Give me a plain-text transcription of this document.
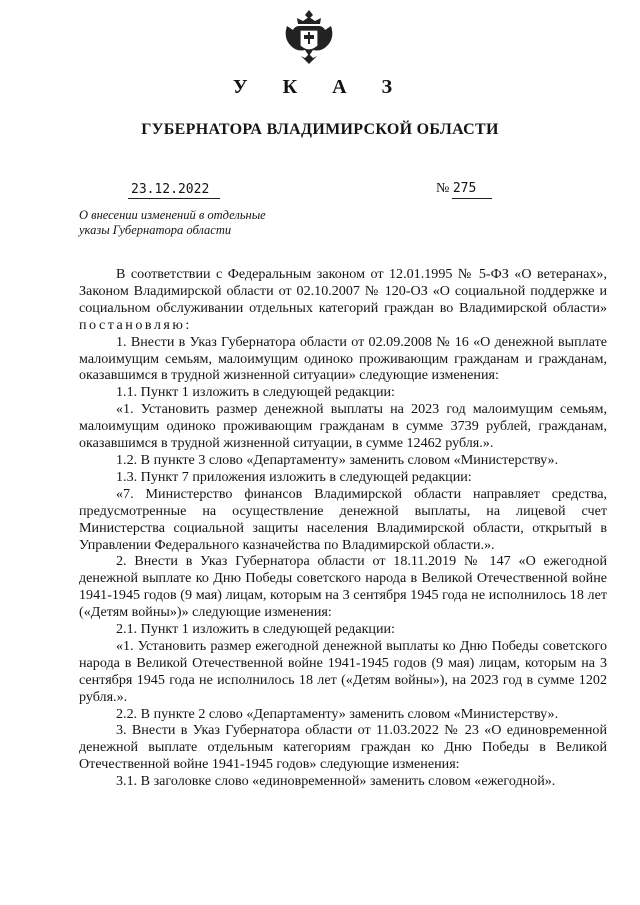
У К А З
ГУБЕРНАТОРА ВЛАДИМИРСКОЙ ОБЛАСТИ
23.12.2022	№ 275
О внесении изменений в отдельные
указы Губернатора области

В соответствии с Федеральным законом от 12.01.1995 № 5-ФЗ «О ветеранах», Законом Владимирской области от 02.10.2007 № 120-ОЗ «О социальной поддержке и социальном обслуживании отдельных категорий граждан во Владимирской области» постановляю:

1. Внести в Указ Губернатора области от 02.09.2008 № 16 «О денежной выплате малоимущим семьям, малоимущим одиноко проживающим гражданам и гражданам, оказавшимся в трудной жизненной ситуации» следующие изменения:

1.1. Пункт 1 изложить в следующей редакции:

«1. Установить размер денежной выплаты на 2023 год малоимущим семьям, малоимущим одиноко проживающим гражданам в сумме 3739 рублей, гражданам, оказавшимся в трудной жизненной ситуации, в сумме 12462 рубля.».

1.2. В пункте 3 слово «Департаменту» заменить словом «Министерству».

1.3. Пункт 7 приложения изложить в следующей редакции:

«7. Министерство финансов Владимирской области направляет средства, предусмотренные на осуществление денежной выплаты, на лицевой счет Министерства социальной защиты населения Владимирской области, открытый в Управлении Федерального казначейства по Владимирской области.».

2. Внести в Указ Губернатора области от 18.11.2019 № 147 «О ежегодной денежной выплате ко Дню Победы советского народа в Великой Отечественной войне 1941-1945 годов (9 мая) лицам, которым на 3 сентября 1945 года не исполнилось 18 лет («Детям войны»)» следующие изменения:

2.1. Пункт 1 изложить в следующей редакции:

«1. Установить размер ежегодной денежной выплаты ко Дню Победы советского народа в Великой Отечественной войне 1941-1945 годов (9 мая) лицам, которым на 3 сентября 1945 года не исполнилось 18 лет («Детям войны»), на 2023 год в сумме 1202 рубля.».

2.2. В пункте 2 слово «Департаменту» заменить словом «Министерству».

3. Внести в Указ Губернатора области от 11.03.2022 № 23 «О единовременной денежной выплате отдельным категориям граждан ко Дню Победы в Великой Отечественной войне 1941-1945 годов» следующие изменения:

3.1. В заголовке слово «единовременной» заменить словом «ежегодной».
